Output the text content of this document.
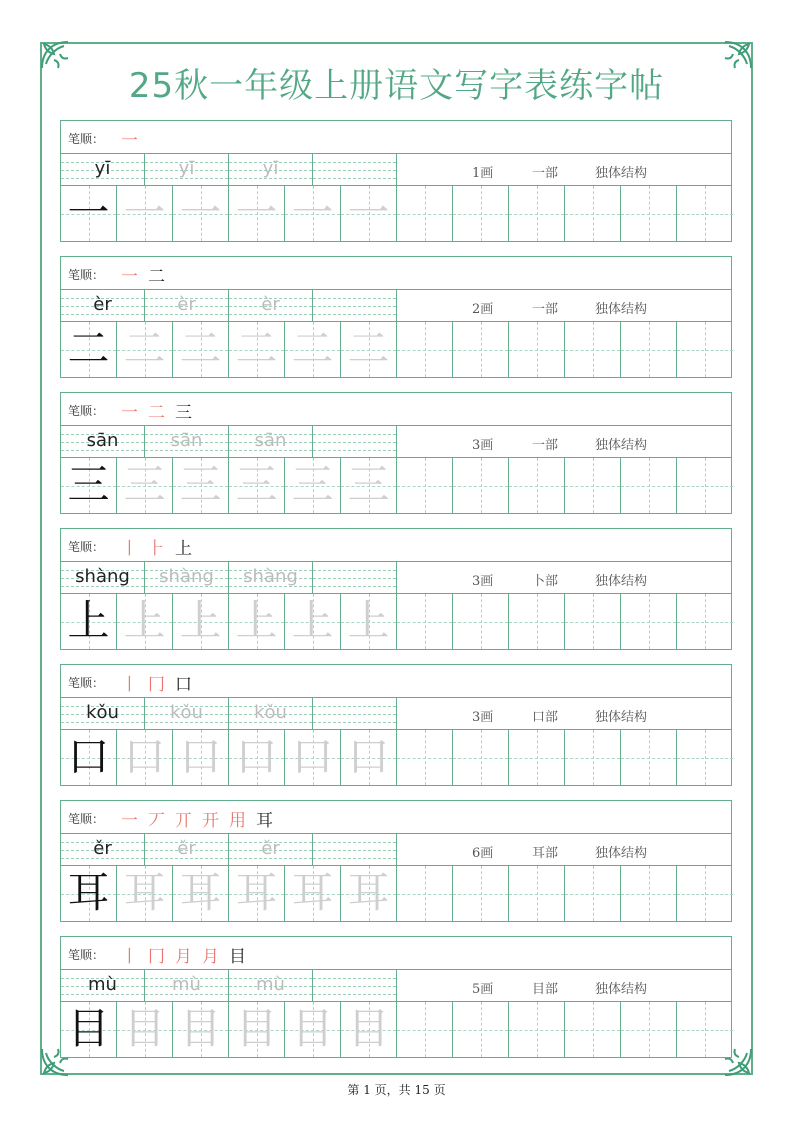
25秋一年级上册语文写字表练字帖
笔顺： 一
yī	yī	yī	1画	一部	独体结构
一 一 一 一 一 一
笔顺： 一 二
èr	èr	èr	2画	一部	独体结构
二 二 二 二 二 二
笔顺： 一 二 三
sān	sān	sān	3画	一部	独体结构
三 三 三 三 三 三
笔顺： 丨 ⺊ 上
shàng	shàng	shàng	3画	卜部	独体结构
上 上 上 上 上 上
笔顺： 丨 冂 口
kǒu	kǒu	kǒu	3画	口部	独体结构
口 口 口 口 口 口
笔顺： 一 丆 丌 开 用 耳
ěr	ěr	ěr	6画	耳部	独体结构
耳 耳 耳 耳 耳 耳
笔顺： 丨 冂 月 月 目
mù	mù	mù	5画	目部	独体结构
目 目 目 目 目 目
第 1 页，共 15 页
